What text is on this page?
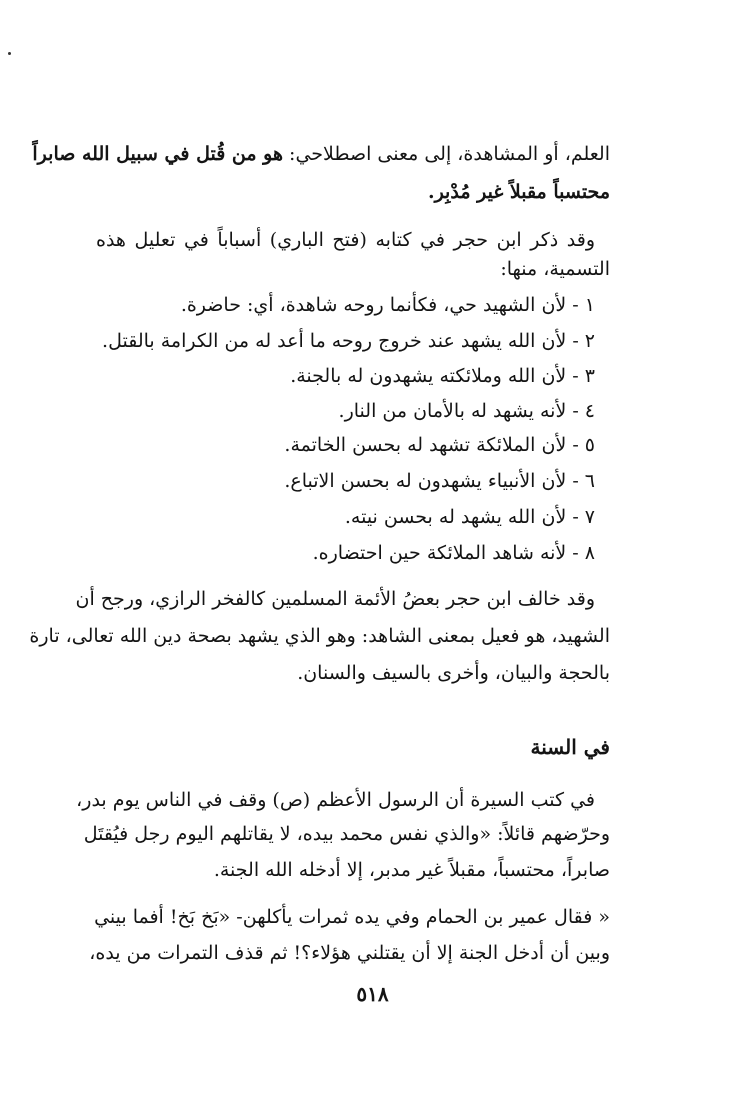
العلم، أو المشاهدة، إلى معنى اصطلاحي: هو من قُتل في سبيل الله صابراً
محتسباً مقبلاً غير مُدْبِر.
وقد ذكر ابن حجر في كتابه (فتح الباري) أسباباً في تعليل هذه
التسمية، منها:
١ - لأن الشهيد حي، فكأنما روحه شاهدة، أي: حاضرة.
٢ - لأن الله يشهد عند خروج روحه ما أعد له من الكرامة بالقتل.
٣ - لأن الله وملائكته يشهدون له بالجنة.
٤ - لأنه يشهد له بالأمان من النار.
٥ - لأن الملائكة تشهد له بحسن الخاتمة.
٦ - لأن الأنبياء يشهدون له بحسن الاتباع.
٧ - لأن الله يشهد له بحسن نيته.
٨ - لأنه شاهد الملائكة حين احتضاره.
وقد خالف ابن حجر بعضُ الأئمة المسلمين كالفخر الرازي، ورجح أن
الشهيد، هو فعيل بمعنى الشاهد: وهو الذي يشهد بصحة دين الله تعالى، تارة
بالحجة والبيان، وأخرى بالسيف والسنان.
في السنة
في كتب السيرة أن الرسول الأعظم (ص) وقف في الناس يوم بدر،
وحرّضهم قائلاً: «والذي نفس محمد بيده، لا يقاتلهم اليوم رجل فيُقتَل
صابراً، محتسباً، مقبلاً غير مدبر، إلا أدخله الله الجنة.
« فقال عمير بن الحمام وفي يده ثمرات يأكلهن- «بَخ بَخ! أفما بيني
وبين أن أدخل الجنة إلا أن يقتلني هؤلاء؟! ثم قذف التمرات من يده،
٥١٨
